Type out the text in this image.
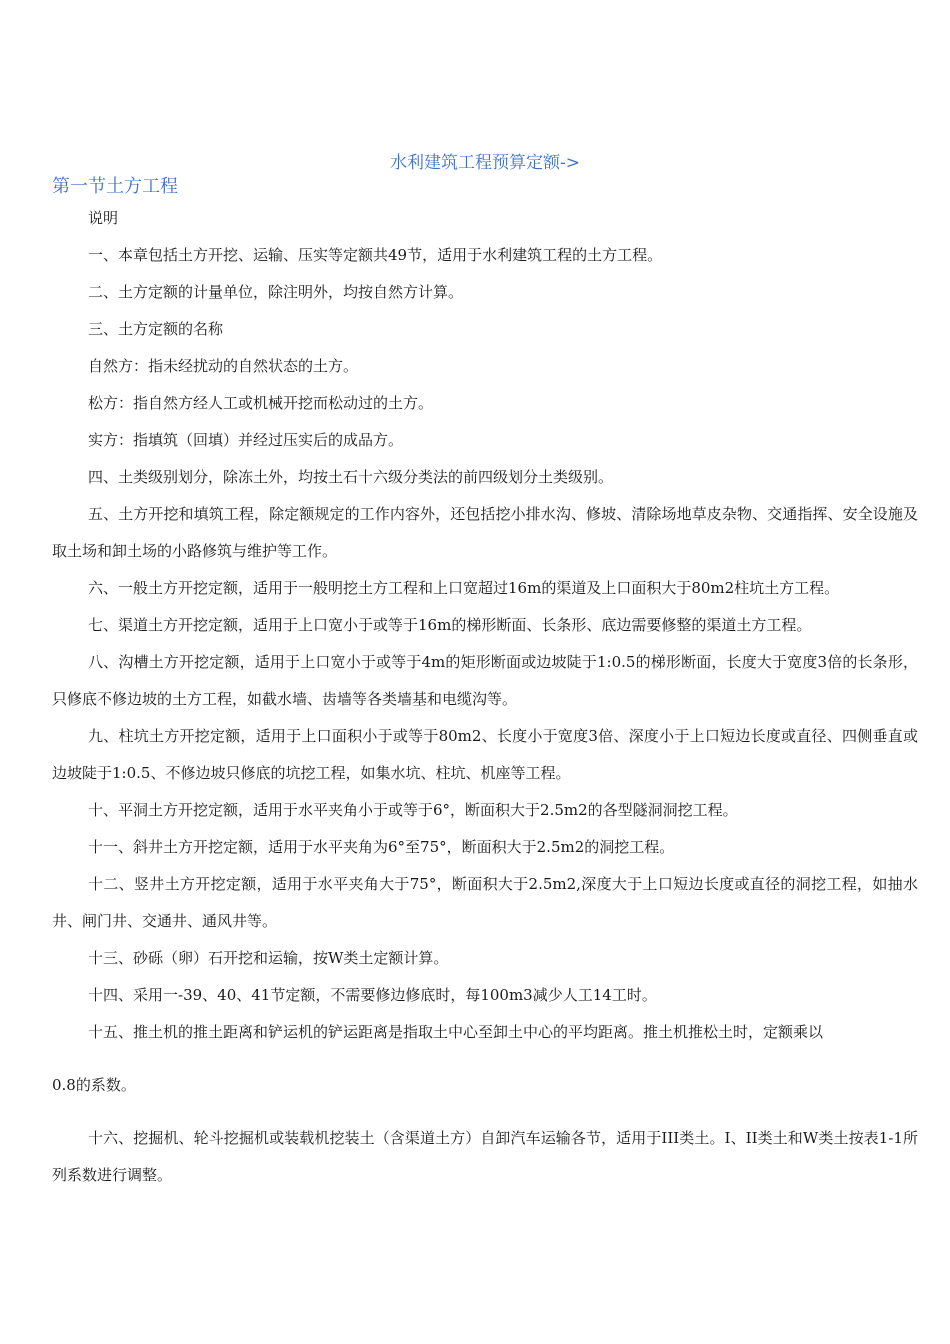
水利建筑工程预算定额->
第一节土方工程

说明

一、本章包括土方开挖、运输、压实等定额共49节，适用于水利建筑工程的土方工程。

二、土方定额的计量单位，除注明外，均按自然方计算。

三、土方定额的名称

自然方：指未经扰动的自然状态的土方。

松方：指自然方经人工或机械开挖而松动过的土方。

实方：指填筑（回填）并经过压实后的成品方。

四、土类级别划分，除冻土外，均按土石十六级分类法的前四级划分土类级别。

五、土方开挖和填筑工程，除定额规定的工作内容外，还包括挖小排水沟、修坡、清除场地草皮杂物、交通指挥、安全设施及取土场和卸土场的小路修筑与维护等工作。

六、一般土方开挖定额，适用于一般明挖土方工程和上口宽超过16m的渠道及上口面积大于80m2柱坑土方工程。

七、渠道土方开挖定额，适用于上口宽小于或等于16m的梯形断面、长条形、底边需要修整的渠道土方工程。

八、沟槽土方开挖定额，适用于上口宽小于或等于4m的矩形断面或边坡陡于1:0.5的梯形断面，长度大于宽度3倍的长条形，只修底不修边坡的土方工程，如截水墙、齿墙等各类墙基和电缆沟等。

九、柱坑土方开挖定额，适用于上口面积小于或等于80m2、长度小于宽度3倍、深度小于上口短边长度或直径、四侧垂直或边坡陡于1:0.5、不修边坡只修底的坑挖工程，如集水坑、柱坑、机座等工程。

十、平洞土方开挖定额，适用于水平夹角小于或等于6°，断面积大于2.5m2的各型隧洞洞挖工程。

十一、斜井土方开挖定额，适用于水平夹角为6°至75°，断面积大于2.5m2的洞挖工程。

十二、竖井土方开挖定额，适用于水平夹角大于75°，断面积大于2.5m2,深度大于上口短边长度或直径的洞挖工程，如抽水井、闸门井、交通井、通风井等。

十三、砂砾（卵）石开挖和运输，按W类土定额计算。

十四、采用一-39、40、41节定额，不需要修边修底时，每100m3减少人工14工时。

十五、推土机的推土距离和铲运机的铲运距离是指取土中心至卸土中心的平均距离。推土机推松土时，定额乘以

0.8的系数。

十六、挖掘机、轮斗挖掘机或装载机挖装土（含渠道土方）自卸汽车运输各节，适用于III类土。I、II类土和W类土按表1-1所列系数进行调整。
